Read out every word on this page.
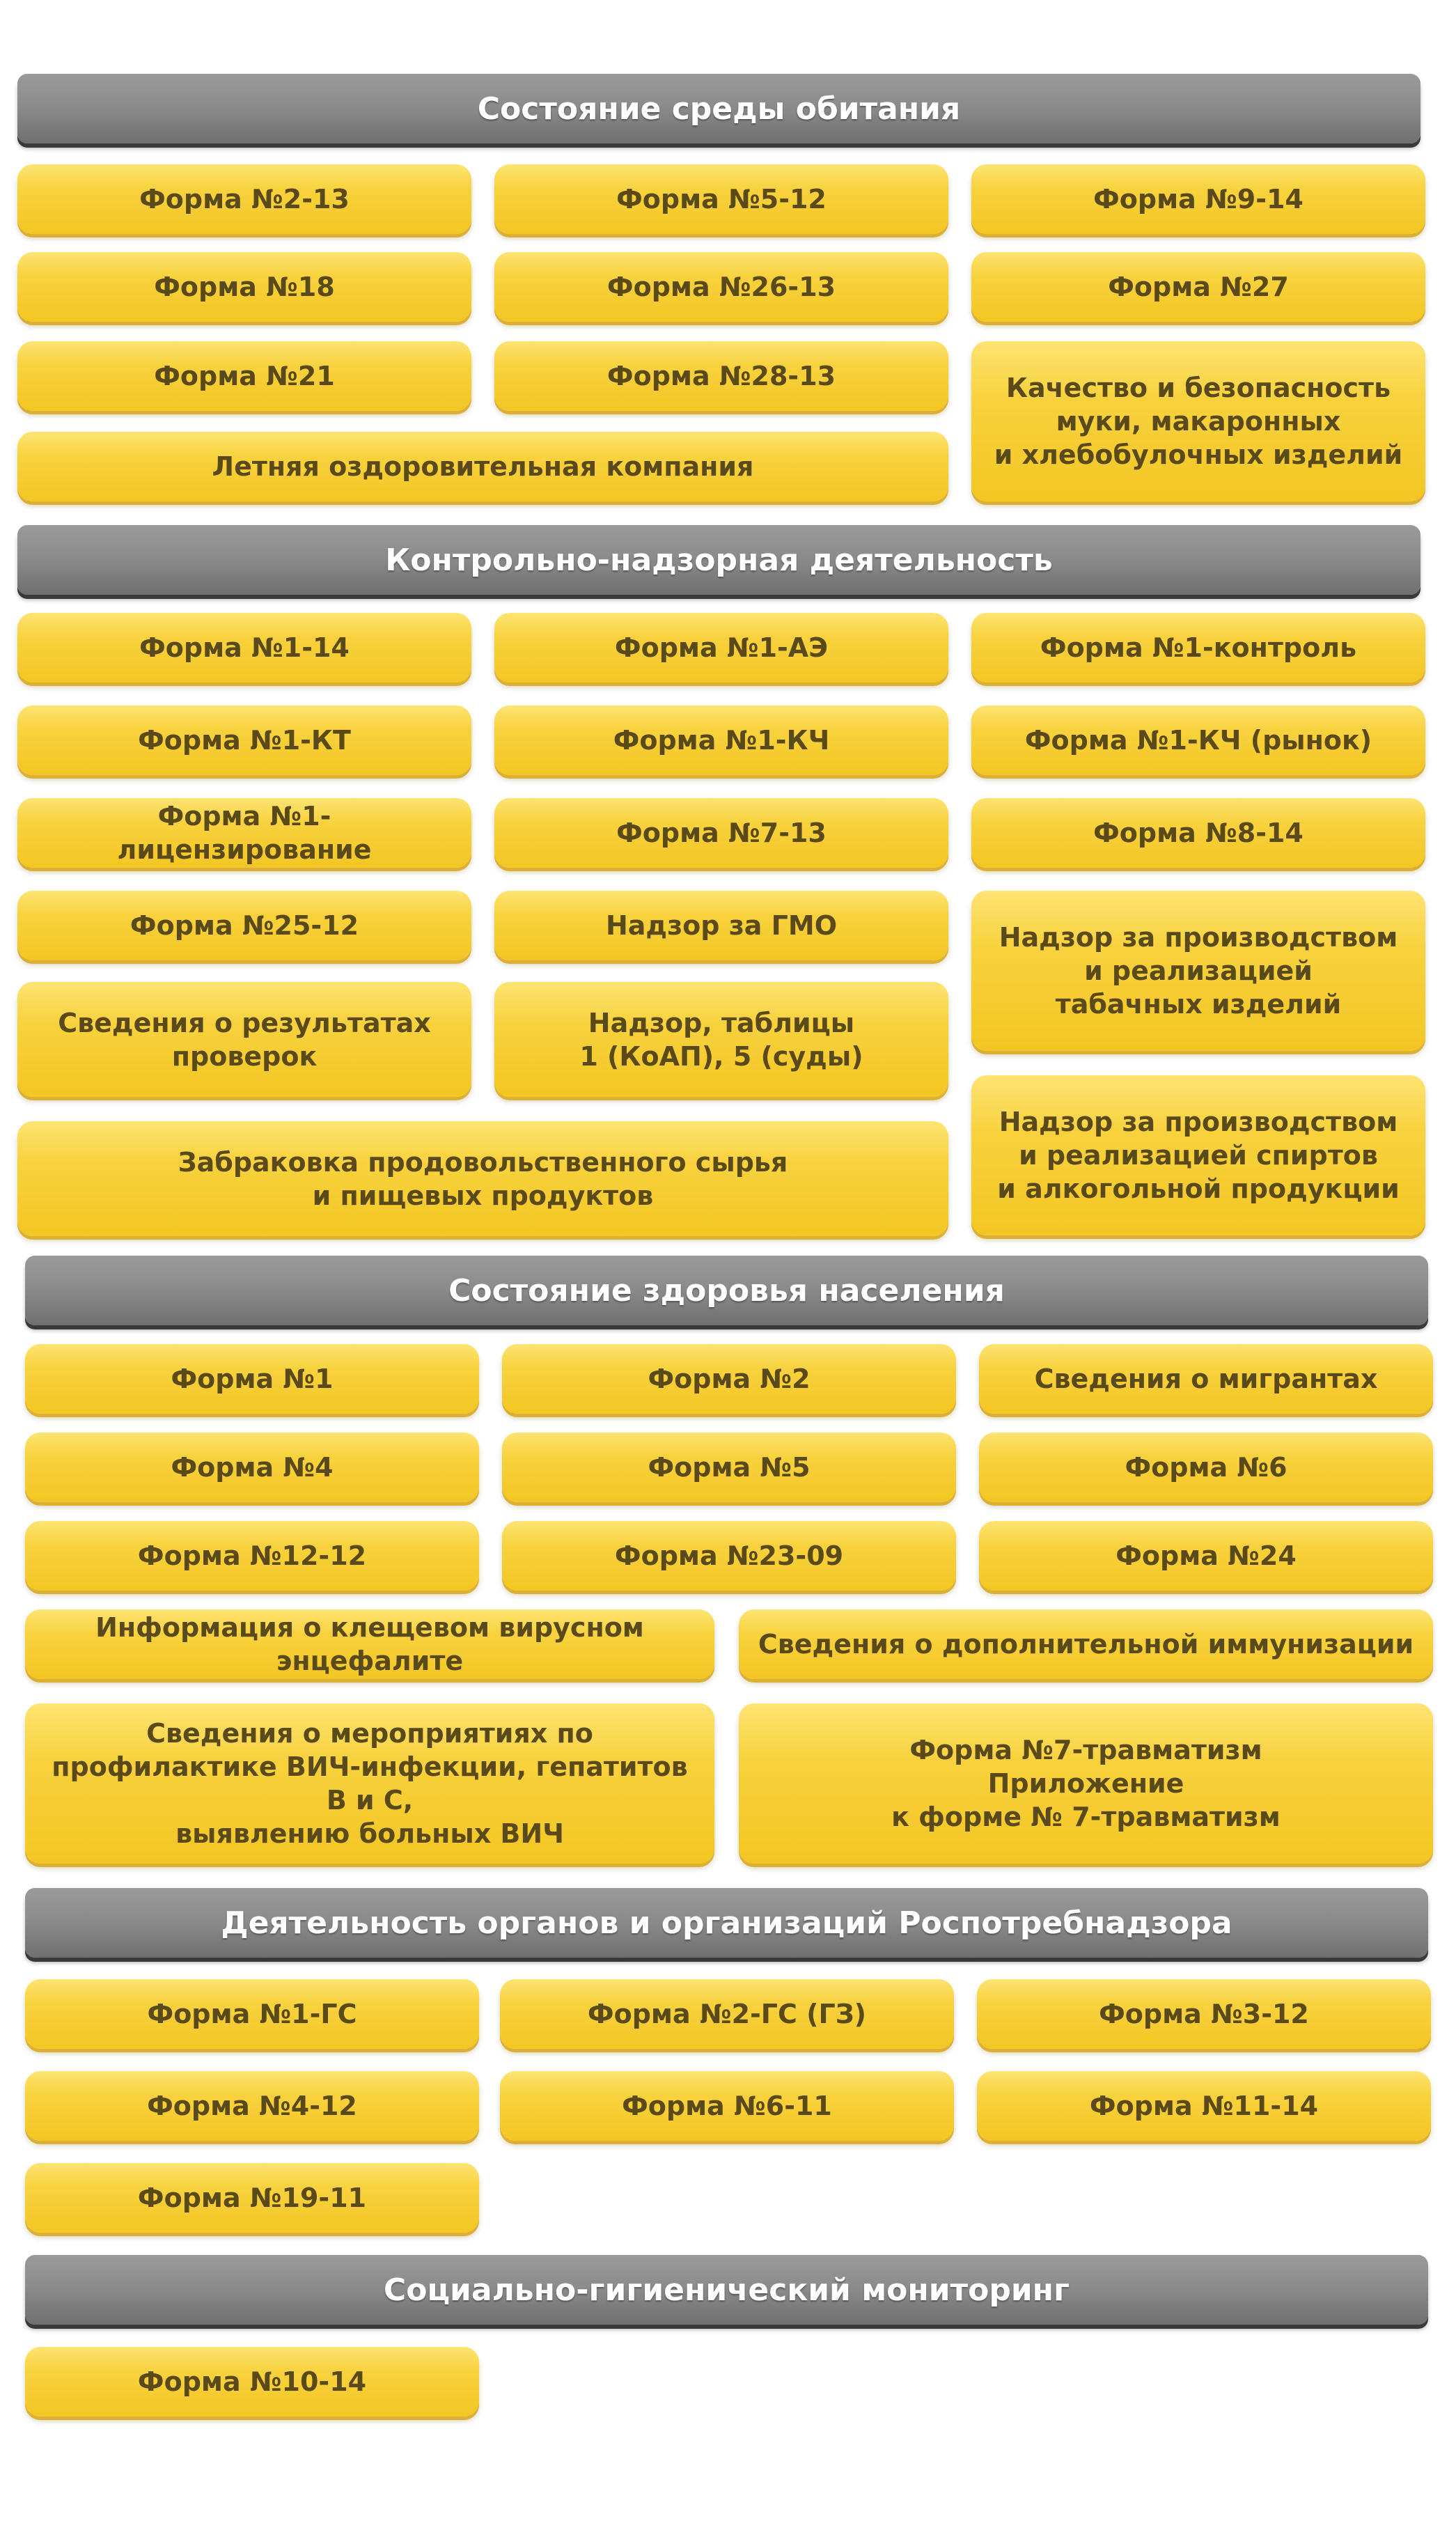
Состояние среды обитания
Форма №2-13	Форма №5-12	Форма №9-14
Форма №18	Форма №26-13	Форма №27
Форма №21	Форма №28-13	Качество и безопасность
муки, макаронных
и хлебобулочных изделий
Летняя оздоровительная компания
Контрольно-надзорная деятельность
Форма №1-14	Форма №1-АЭ	Форма №1-контроль
Форма №1-КТ	Форма №1-КЧ	Форма №1-КЧ (рынок)
Форма №1-лицензирование
Форма №7-13	Форма №8-14
Форма №25-12	Надзор за ГМО	Надзор за производством
и реализацией
табачных изделий
Сведения о результатах
проверок
Надзор, таблицы
1 (КоАП), 5 (суды)
Надзор за производством
и реализацией спиртов
и алкогольной продукции
Забраковка продовольственного сырья
и пищевых продуктов
Состояние здоровья населения
Форма №1	Форма №2	Сведения о мигрантах
Форма №4	Форма №5	Форма №6
Форма №12-12	Форма №23-09	Форма №24
Информация о клещевом вирусном энцефалите
Сведения о дополнительной иммунизации
Сведения о мероприятиях по
профилактике ВИЧ-инфекции, гепатитов В и С,
выявлению больных ВИЧ
Форма №7-травматизм
Приложение
к форме № 7-травматизм
Деятельность органов и организаций Роспотребнадзора
Форма №1-ГС	Форма №2-ГС (ГЗ)	Форма №3-12
Форма №4-12	Форма №6-11	Форма №11-14
Форма №19-11
Социально-гигиенический мониторинг
Форма №10-14
